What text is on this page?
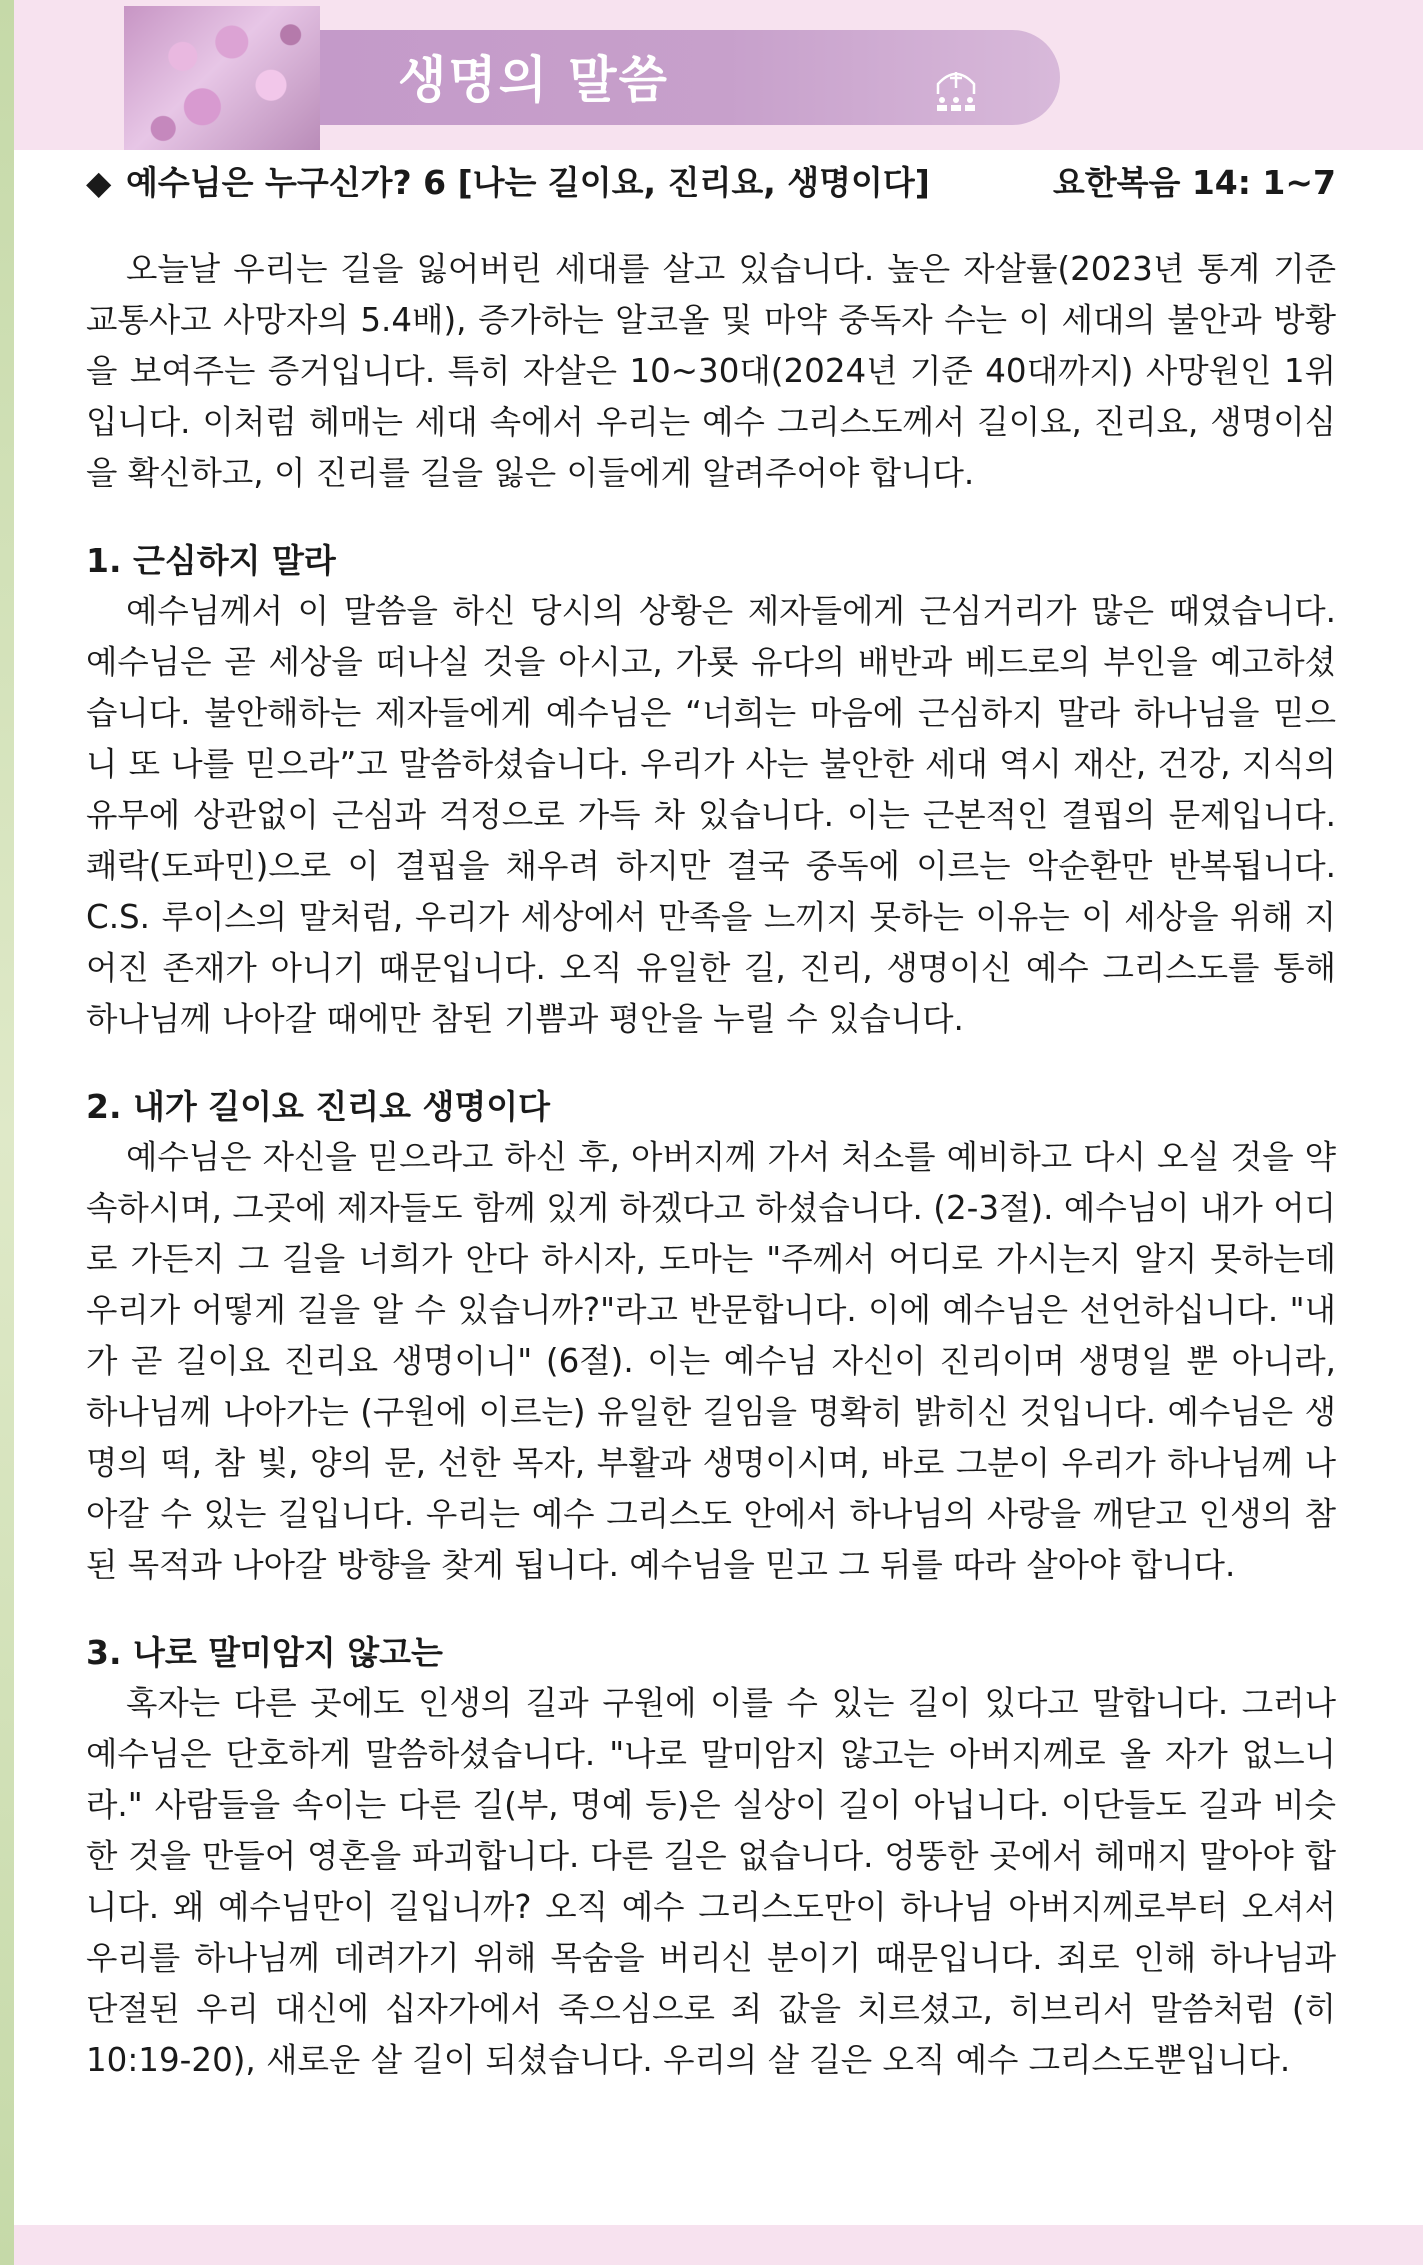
생명의 말씀
◆ 예수님은 누구신가? 6 [나는 길이요, 진리요, 생명이다]	요한복음 14: 1~7

오늘날 우리는 길을 잃어버린 세대를 살고 있습니다. 높은 자살률(2023년 통계 기준 교통사고 사망자의 5.4배), 증가하는 알코올 및 마약 중독자 수는 이 세대의 불안과 방황을 보여주는 증거입니다. 특히 자살은 10~30대(2024년 기준 40대까지) 사망원인 1위입니다. 이처럼 헤매는 세대 속에서 우리는 예수 그리스도께서 길이요, 진리요, 생명이심을 확신하고, 이 진리를 길을 잃은 이들에게 알려주어야 합니다.

1. 근심하지 말라

예수님께서 이 말씀을 하신 당시의 상황은 제자들에게 근심거리가 많은 때였습니다. 예수님은 곧 세상을 떠나실 것을 아시고, 가룟 유다의 배반과 베드로의 부인을 예고하셨습니다. 불안해하는 제자들에게 예수님은 “너희는 마음에 근심하지 말라 하나님을 믿으니 또 나를 믿으라”고 말씀하셨습니다. 우리가 사는 불안한 세대 역시 재산, 건강, 지식의 유무에 상관없이 근심과 걱정으로 가득 차 있습니다. 이는 근본적인 결핍의 문제입니다. 쾌락(도파민)으로 이 결핍을 채우려 하지만 결국 중독에 이르는 악순환만 반복됩니다. C.S. 루이스의 말처럼, 우리가 세상에서 만족을 느끼지 못하는 이유는 이 세상을 위해 지어진 존재가 아니기 때문입니다. 오직 유일한 길, 진리, 생명이신 예수 그리스도를 통해 하나님께 나아갈 때에만 참된 기쁨과 평안을 누릴 수 있습니다.

2. 내가 길이요 진리요 생명이다

예수님은 자신을 믿으라고 하신 후, 아버지께 가서 처소를 예비하고 다시 오실 것을 약속하시며, 그곳에 제자들도 함께 있게 하겠다고 하셨습니다. (2-3절). 예수님이 내가 어디로 가든지 그 길을 너희가 안다 하시자, 도마는 "주께서 어디로 가시는지 알지 못하는데 우리가 어떻게 길을 알 수 있습니까?"라고 반문합니다. 이에 예수님은 선언하십니다. "내가 곧 길이요 진리요 생명이니" (6절). 이는 예수님 자신이 진리이며 생명일 뿐 아니라, 하나님께 나아가는 (구원에 이르는) 유일한 길임을 명확히 밝히신 것입니다. 예수님은 생명의 떡, 참 빛, 양의 문, 선한 목자, 부활과 생명이시며, 바로 그분이 우리가 하나님께 나아갈 수 있는 길입니다. 우리는 예수 그리스도 안에서 하나님의 사랑을 깨닫고 인생의 참된 목적과 나아갈 방향을 찾게 됩니다. 예수님을 믿고 그 뒤를 따라 살아야 합니다.

3. 나로 말미암지 않고는

혹자는 다른 곳에도 인생의 길과 구원에 이를 수 있는 길이 있다고 말합니다. 그러나 예수님은 단호하게 말씀하셨습니다. "나로 말미암지 않고는 아버지께로 올 자가 없느니라." 사람들을 속이는 다른 길(부, 명예 등)은 실상이 길이 아닙니다. 이단들도 길과 비슷한 것을 만들어 영혼을 파괴합니다. 다른 길은 없습니다. 엉뚱한 곳에서 헤매지 말아야 합니다. 왜 예수님만이 길입니까? 오직 예수 그리스도만이 하나님 아버지께로부터 오셔서 우리를 하나님께 데려가기 위해 목숨을 버리신 분이기 때문입니다. 죄로 인해 하나님과 단절된 우리 대신에 십자가에서 죽으심으로 죄 값을 치르셨고, 히브리서 말씀처럼 (히 10:19-20), 새로운 살 길이 되셨습니다. 우리의 살 길은 오직 예수 그리스도뿐입니다.
